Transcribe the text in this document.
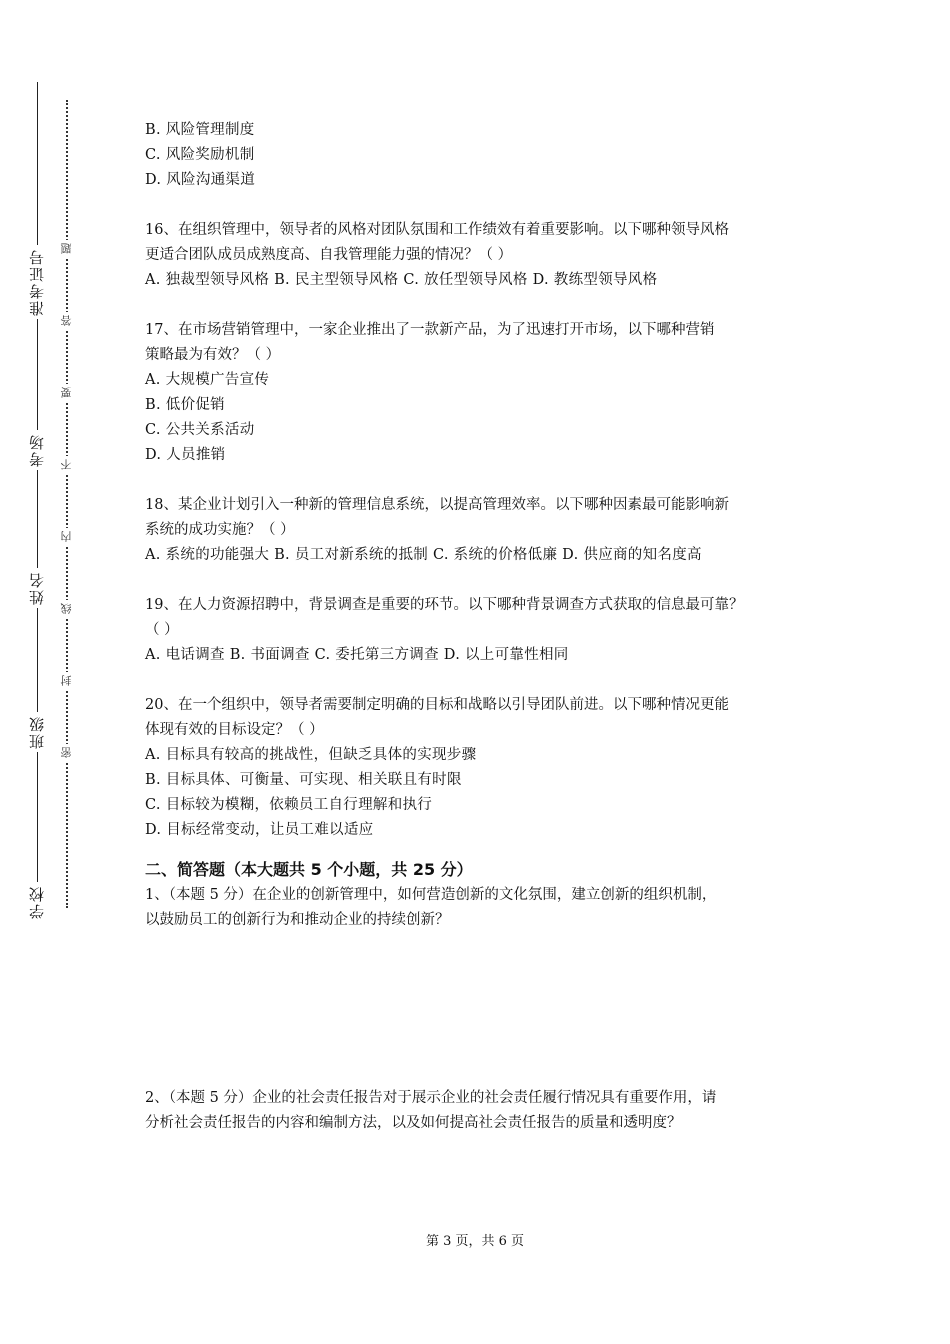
准考证号
考场
姓名
班级
学校
题
答
要
不
内
线
封
密

B. 风险管理制度

C. 风险奖励机制

D. 风险沟通渠道

16、在组织管理中，领导者的风格对团队氛围和工作绩效有着重要影响。以下哪种领导风格

更适合团队成员成熟度高、自我管理能力强的情况？（ ）

A. 独裁型领导风格 B. 民主型领导风格 C. 放任型领导风格 D. 教练型领导风格

17、在市场营销管理中，一家企业推出了一款新产品，为了迅速打开市场，以下哪种营销

策略最为有效？（ ）

A. 大规模广告宣传

B. 低价促销

C. 公共关系活动

D. 人员推销

18、某企业计划引入一种新的管理信息系统，以提高管理效率。以下哪种因素最可能影响新

系统的成功实施？（ ）

A. 系统的功能强大 B. 员工对新系统的抵制 C. 系统的价格低廉 D. 供应商的知名度高

19、在人力资源招聘中，背景调查是重要的环节。以下哪种背景调查方式获取的信息最可靠？

（ ）

A. 电话调查 B. 书面调查 C. 委托第三方调查 D. 以上可靠性相同

20、在一个组织中，领导者需要制定明确的目标和战略以引导团队前进。以下哪种情况更能

体现有效的目标设定？（ ）

A. 目标具有较高的挑战性，但缺乏具体的实现步骤

B. 目标具体、可衡量、可实现、相关联且有时限

C. 目标较为模糊，依赖员工自行理解和执行

D. 目标经常变动，让员工难以适应

二、简答题（本大题共 5 个小题，共 25 分）

1、（本题 5 分）在企业的创新管理中，如何营造创新的文化氛围，建立创新的组织机制，

以鼓励员工的创新行为和推动企业的持续创新？

2、（本题 5 分）企业的社会责任报告对于展示企业的社会责任履行情况具有重要作用，请

分析社会责任报告的内容和编制方法，以及如何提高社会责任报告的质量和透明度？

第 3 页，共 6 页
